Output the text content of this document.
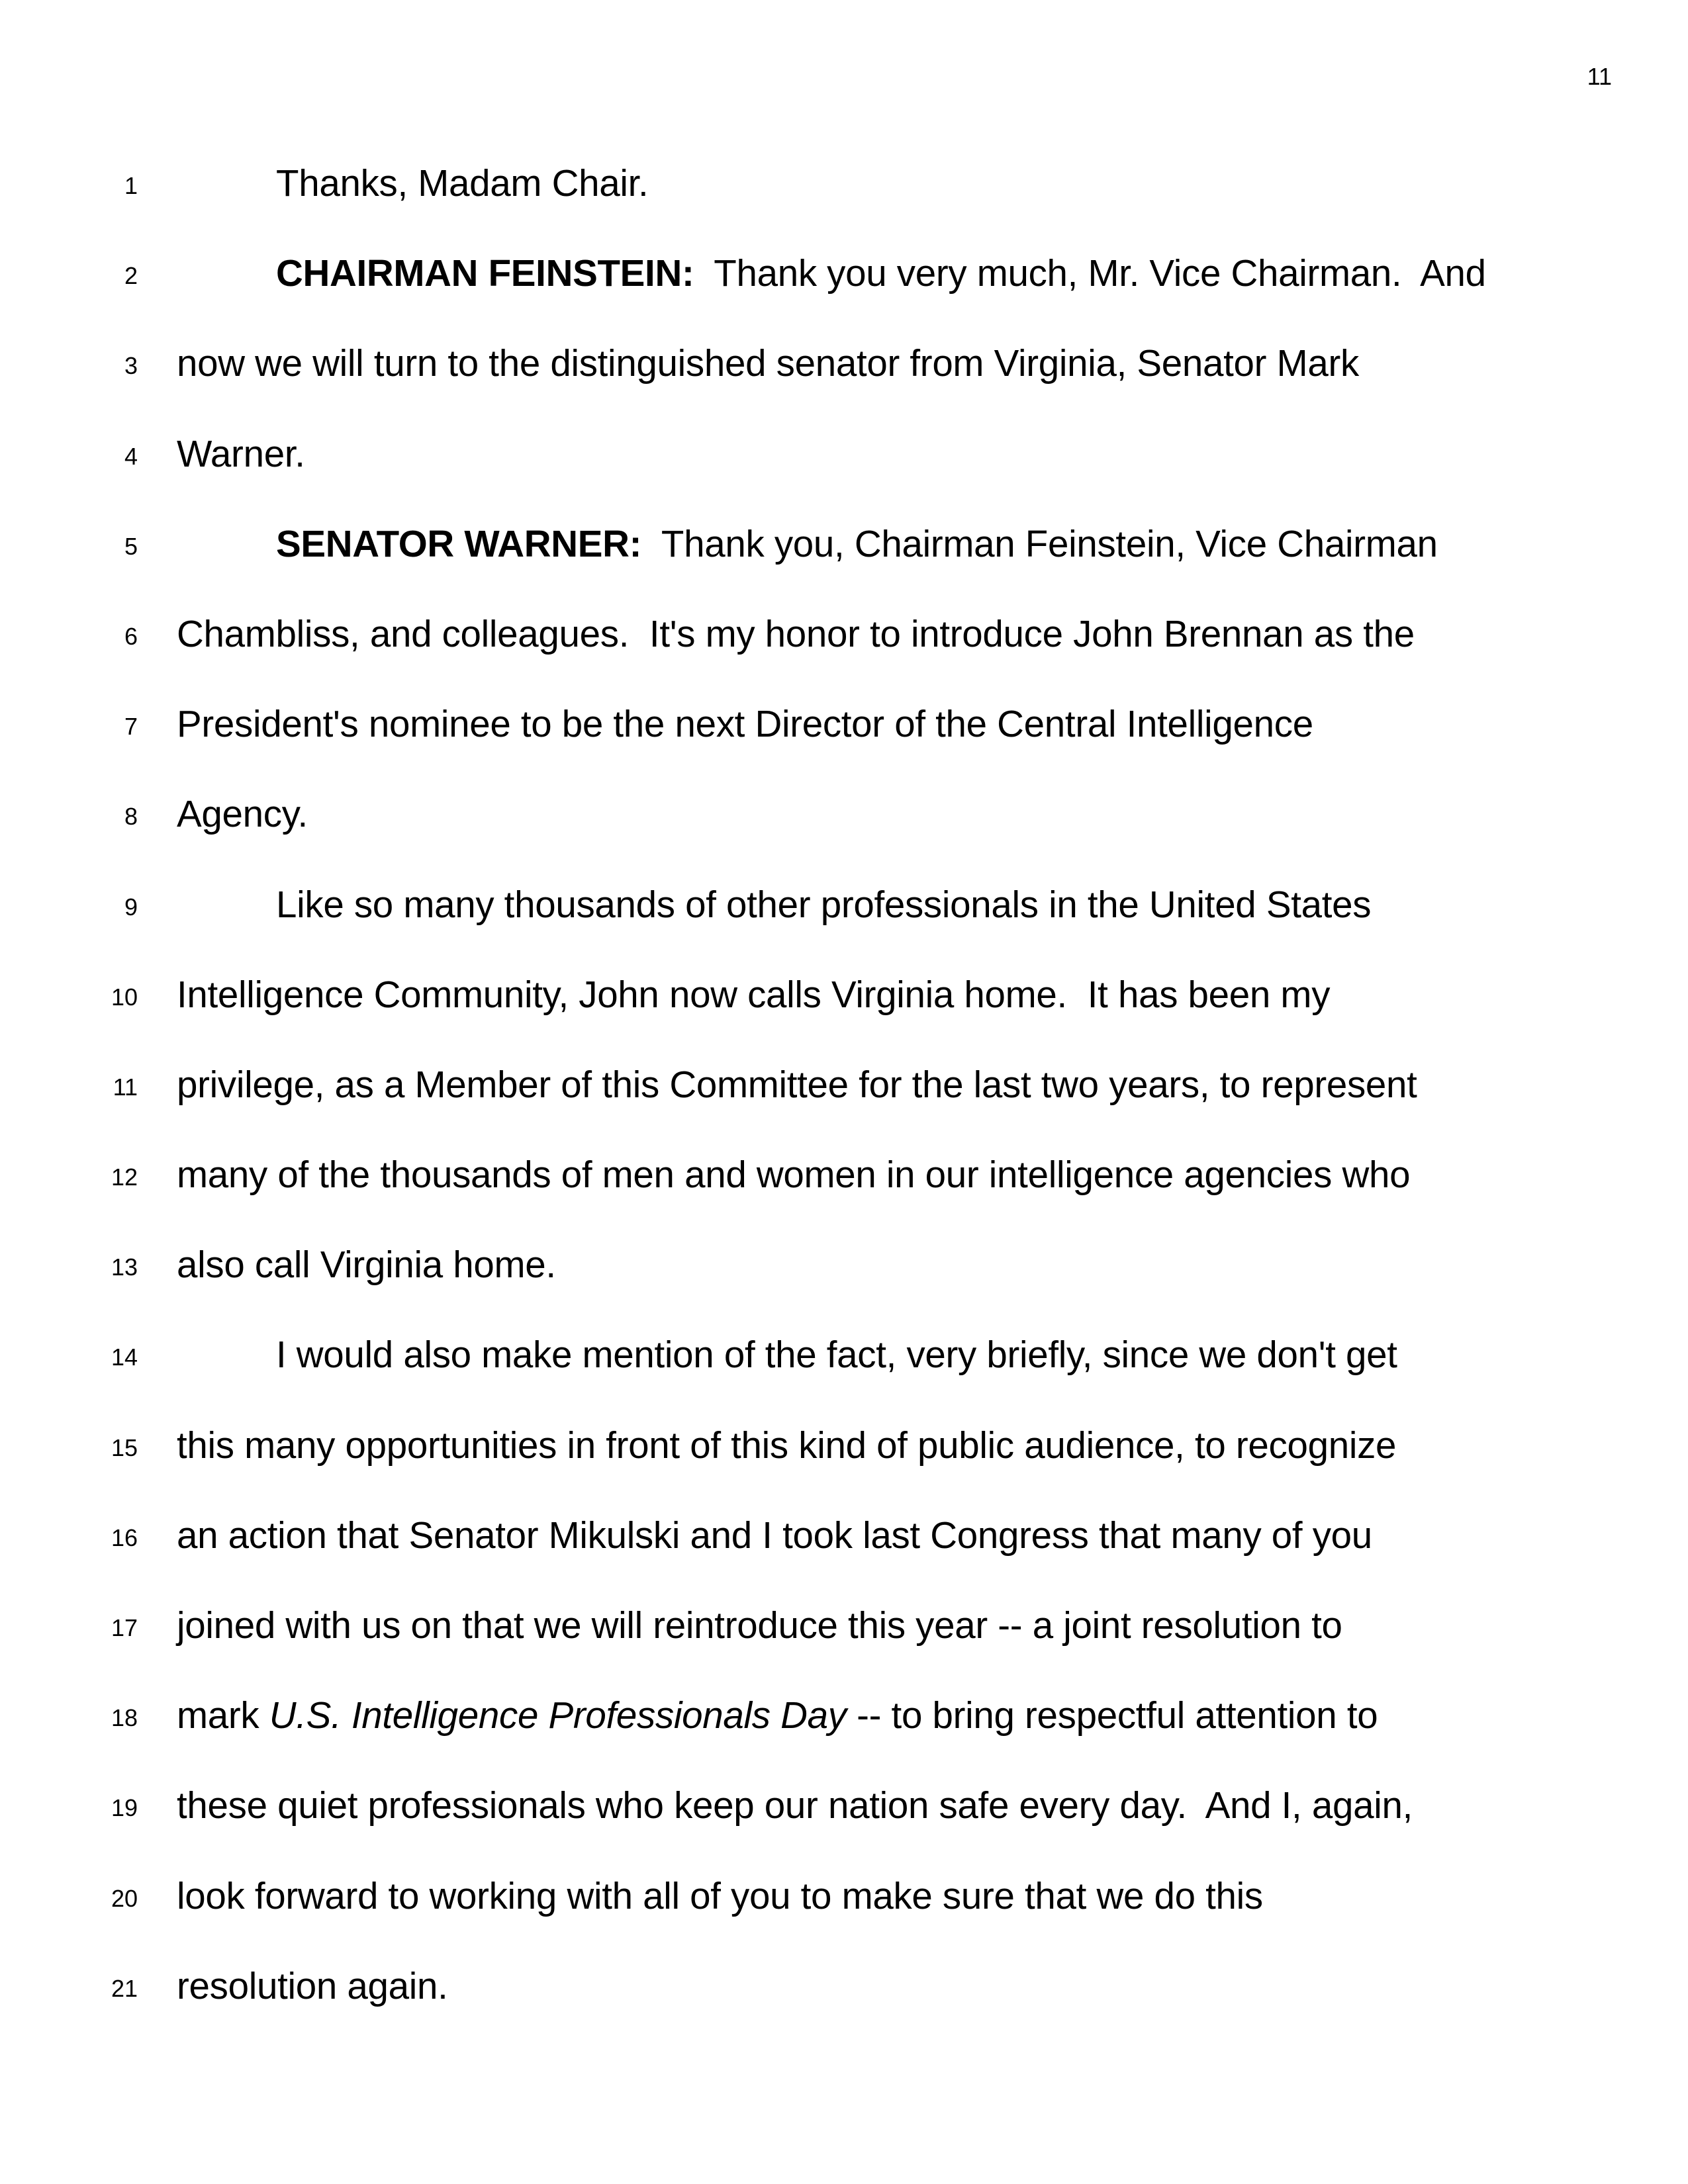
11
1	Thanks, Madam Chair.
2	CHAIRMAN FEINSTEIN:  Thank you very much, Mr. Vice Chairman.  And
3 now we will turn to the distinguished senator from Virginia, Senator Mark
4 Warner.
5	SENATOR WARNER:  Thank you, Chairman Feinstein, Vice Chairman
6 Chambliss, and colleagues.  It's my honor to introduce John Brennan as the
7 President's nominee to be the next Director of the Central Intelligence
8 Agency.
9	Like so many thousands of other professionals in the United States
10 Intelligence Community, John now calls Virginia home.  It has been my
11 privilege, as a Member of this Committee for the last two years, to represent
12 many of the thousands of men and women in our intelligence agencies who
13 also call Virginia home.
14	I would also make mention of the fact, very briefly, since we don't get
15 this many opportunities in front of this kind of public audience, to recognize
16 an action that Senator Mikulski and I took last Congress that many of you
17 joined with us on that we will reintroduce this year -- a joint resolution to
18 mark U.S. Intelligence Professionals Day -- to bring respectful attention to
19 these quiet professionals who keep our nation safe every day.  And I, again,
20 look forward to working with all of you to make sure that we do this
21 resolution again.
